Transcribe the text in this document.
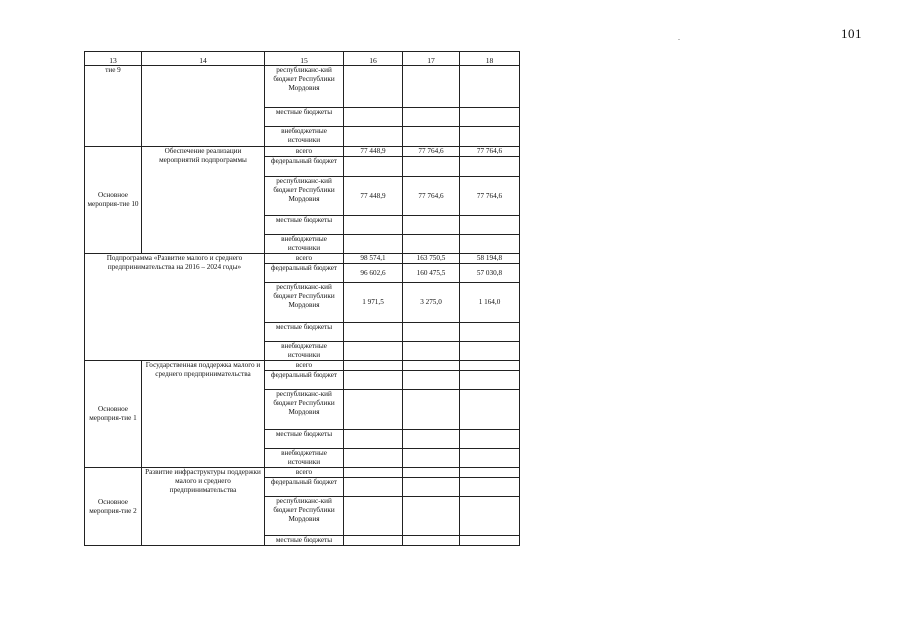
101
.
13	14	15	16	17	18
тие 9		республиканс-кий бюджет Республики Мордовия			
		местные бюджеты			
		внебюджетные источники			
Основное мероприя-тие 10	Обеспечение реализации мероприятий подпрограммы	всего	77 448,9	77 764,6	77 764,6
		федеральный бюджет			
		республиканс-кий бюджет Республики Мордовия	77 448,9	77 764,6	77 764,6
		местные бюджеты			
		внебюджетные источники			
Подпрограмма «Развитие малого и среднего предпринимательства на 2016 – 2024 годы»		всего	98 574,1	163 750,5	58 194,8
		федеральный бюджет	96 602,6	160 475,5	57 030,8
		республиканс-кий бюджет Республики Мордовия	1 971,5	3 275,0	1 164,0
		местные бюджеты			
		внебюджетные источники			
Основное мероприя-тие 1	Государственная поддержка малого и среднего предпринимательства	всего			
		федеральный бюджет			
		республиканс-кий бюджет Республики Мордовия			
		местные бюджеты			
		внебюджетные источники			
Основное мероприя-тие 2	Развитие инфраструктуры поддержки малого и среднего предпринимательства	всего			
		федеральный бюджет			
		республиканс-кий бюджет Республики Мордовия			
		местные бюджеты			
